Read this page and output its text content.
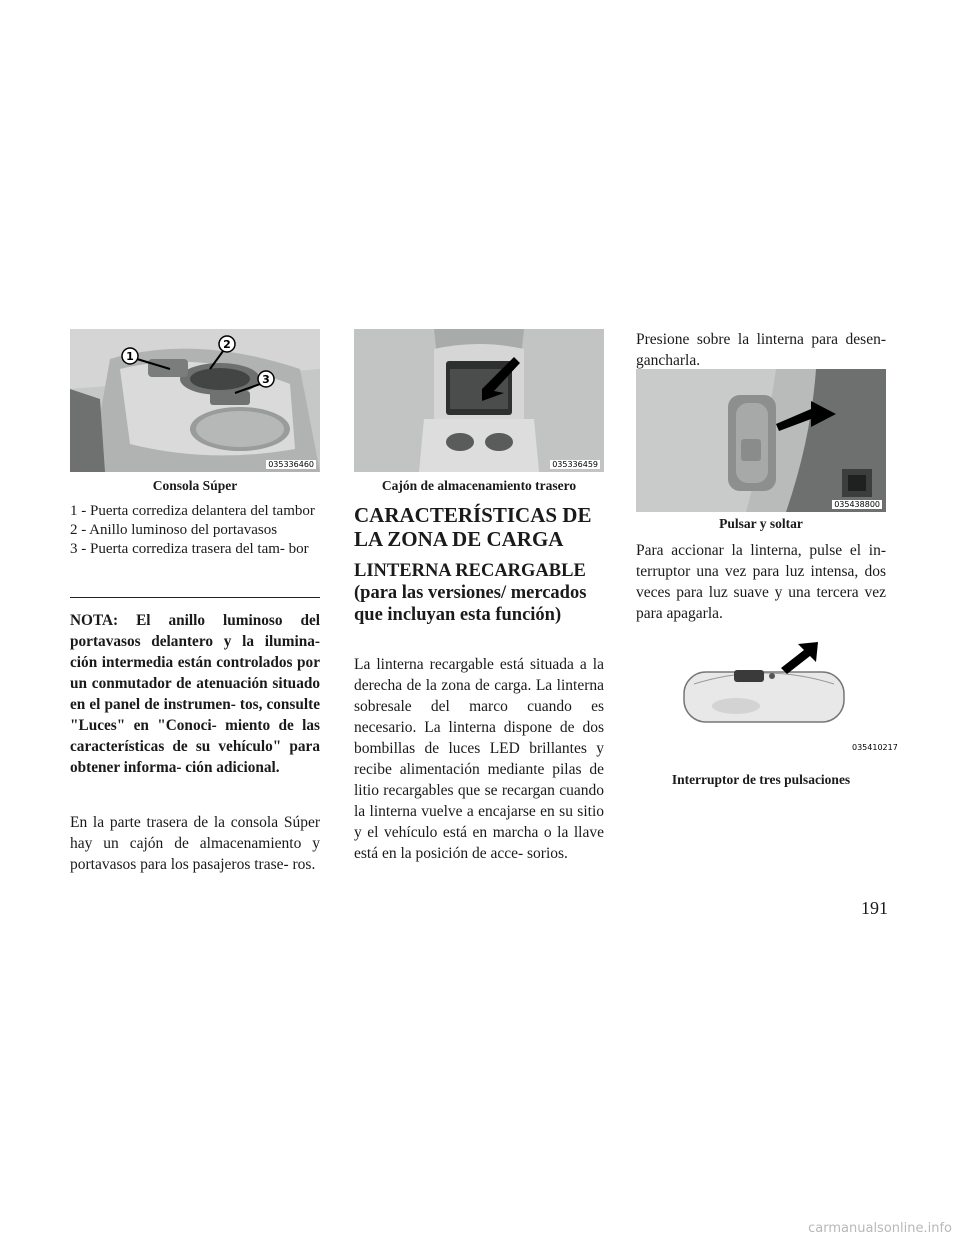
1
2
3
035336460
Consola Súper
1 - Puerta corrediza delantera del tambor
2 - Anillo luminoso del portavasos
3 - Puerta corrediza trasera del tam- bor

NOTA: El anillo luminoso del portavasos delantero y la ilumina- ción intermedia están controlados por un conmutador de atenuación situado en el panel de instrumen- tos, consulte "Luces" en "Conoci- miento de las características de su vehículo" para obtener informa- ción adicional.

En la parte trasera de la consola Súper hay un cajón de almacenamiento y portavasos para los pasajeros trase- ros.

035336459
Cajón de almacenamiento trasero
CARACTERÍSTICAS DE LA ZONA DE CARGA
LINTERNA RECARGABLE (para las versiones/ mercados que incluyan esta función)

La linterna recargable está situada a la derecha de la zona de carga. La linterna sobresale del marco cuando es necesario. La linterna dispone de dos bombillas de luces LED brillantes y recibe alimentación mediante pilas de litio recargables que se recargan cuando la linterna vuelve a encajarse en su sitio y el vehículo está en marcha o la llave está en la posición de acce- sorios.

Presione sobre la linterna para desen- gancharla.

035438800
Pulsar y soltar

Para accionar la linterna, pulse el in- terruptor una vez para luz intensa, dos veces para luz suave y una tercera vez para apagarla.

035410217
Interruptor de tres pulsaciones
191
carmanualsonline.info
